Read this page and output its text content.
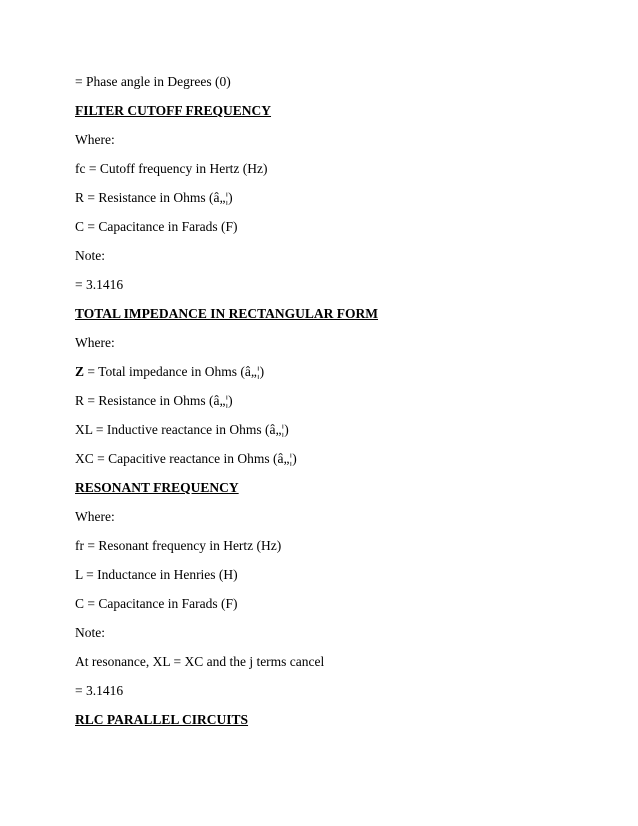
= Phase angle in Degrees (0)
FILTER CUTOFF FREQUENCY
Where:
fc = Cutoff frequency in Hertz (Hz)
R = Resistance in Ohms (â„¦)
C = Capacitance in Farads (F)
Note:
= 3.1416
TOTAL IMPEDANCE IN RECTANGULAR FORM
Where:
Z = Total impedance in Ohms (â„¦)
R = Resistance in Ohms (â„¦)
XL = Inductive reactance in Ohms (â„¦)
XC = Capacitive reactance in Ohms (â„¦)
RESONANT FREQUENCY
Where:
fr = Resonant frequency in Hertz (Hz)
L = Inductance in Henries (H)
C = Capacitance in Farads (F)
Note:
At resonance, XL = XC and the j terms cancel
= 3.1416
RLC PARALLEL CIRCUITS
